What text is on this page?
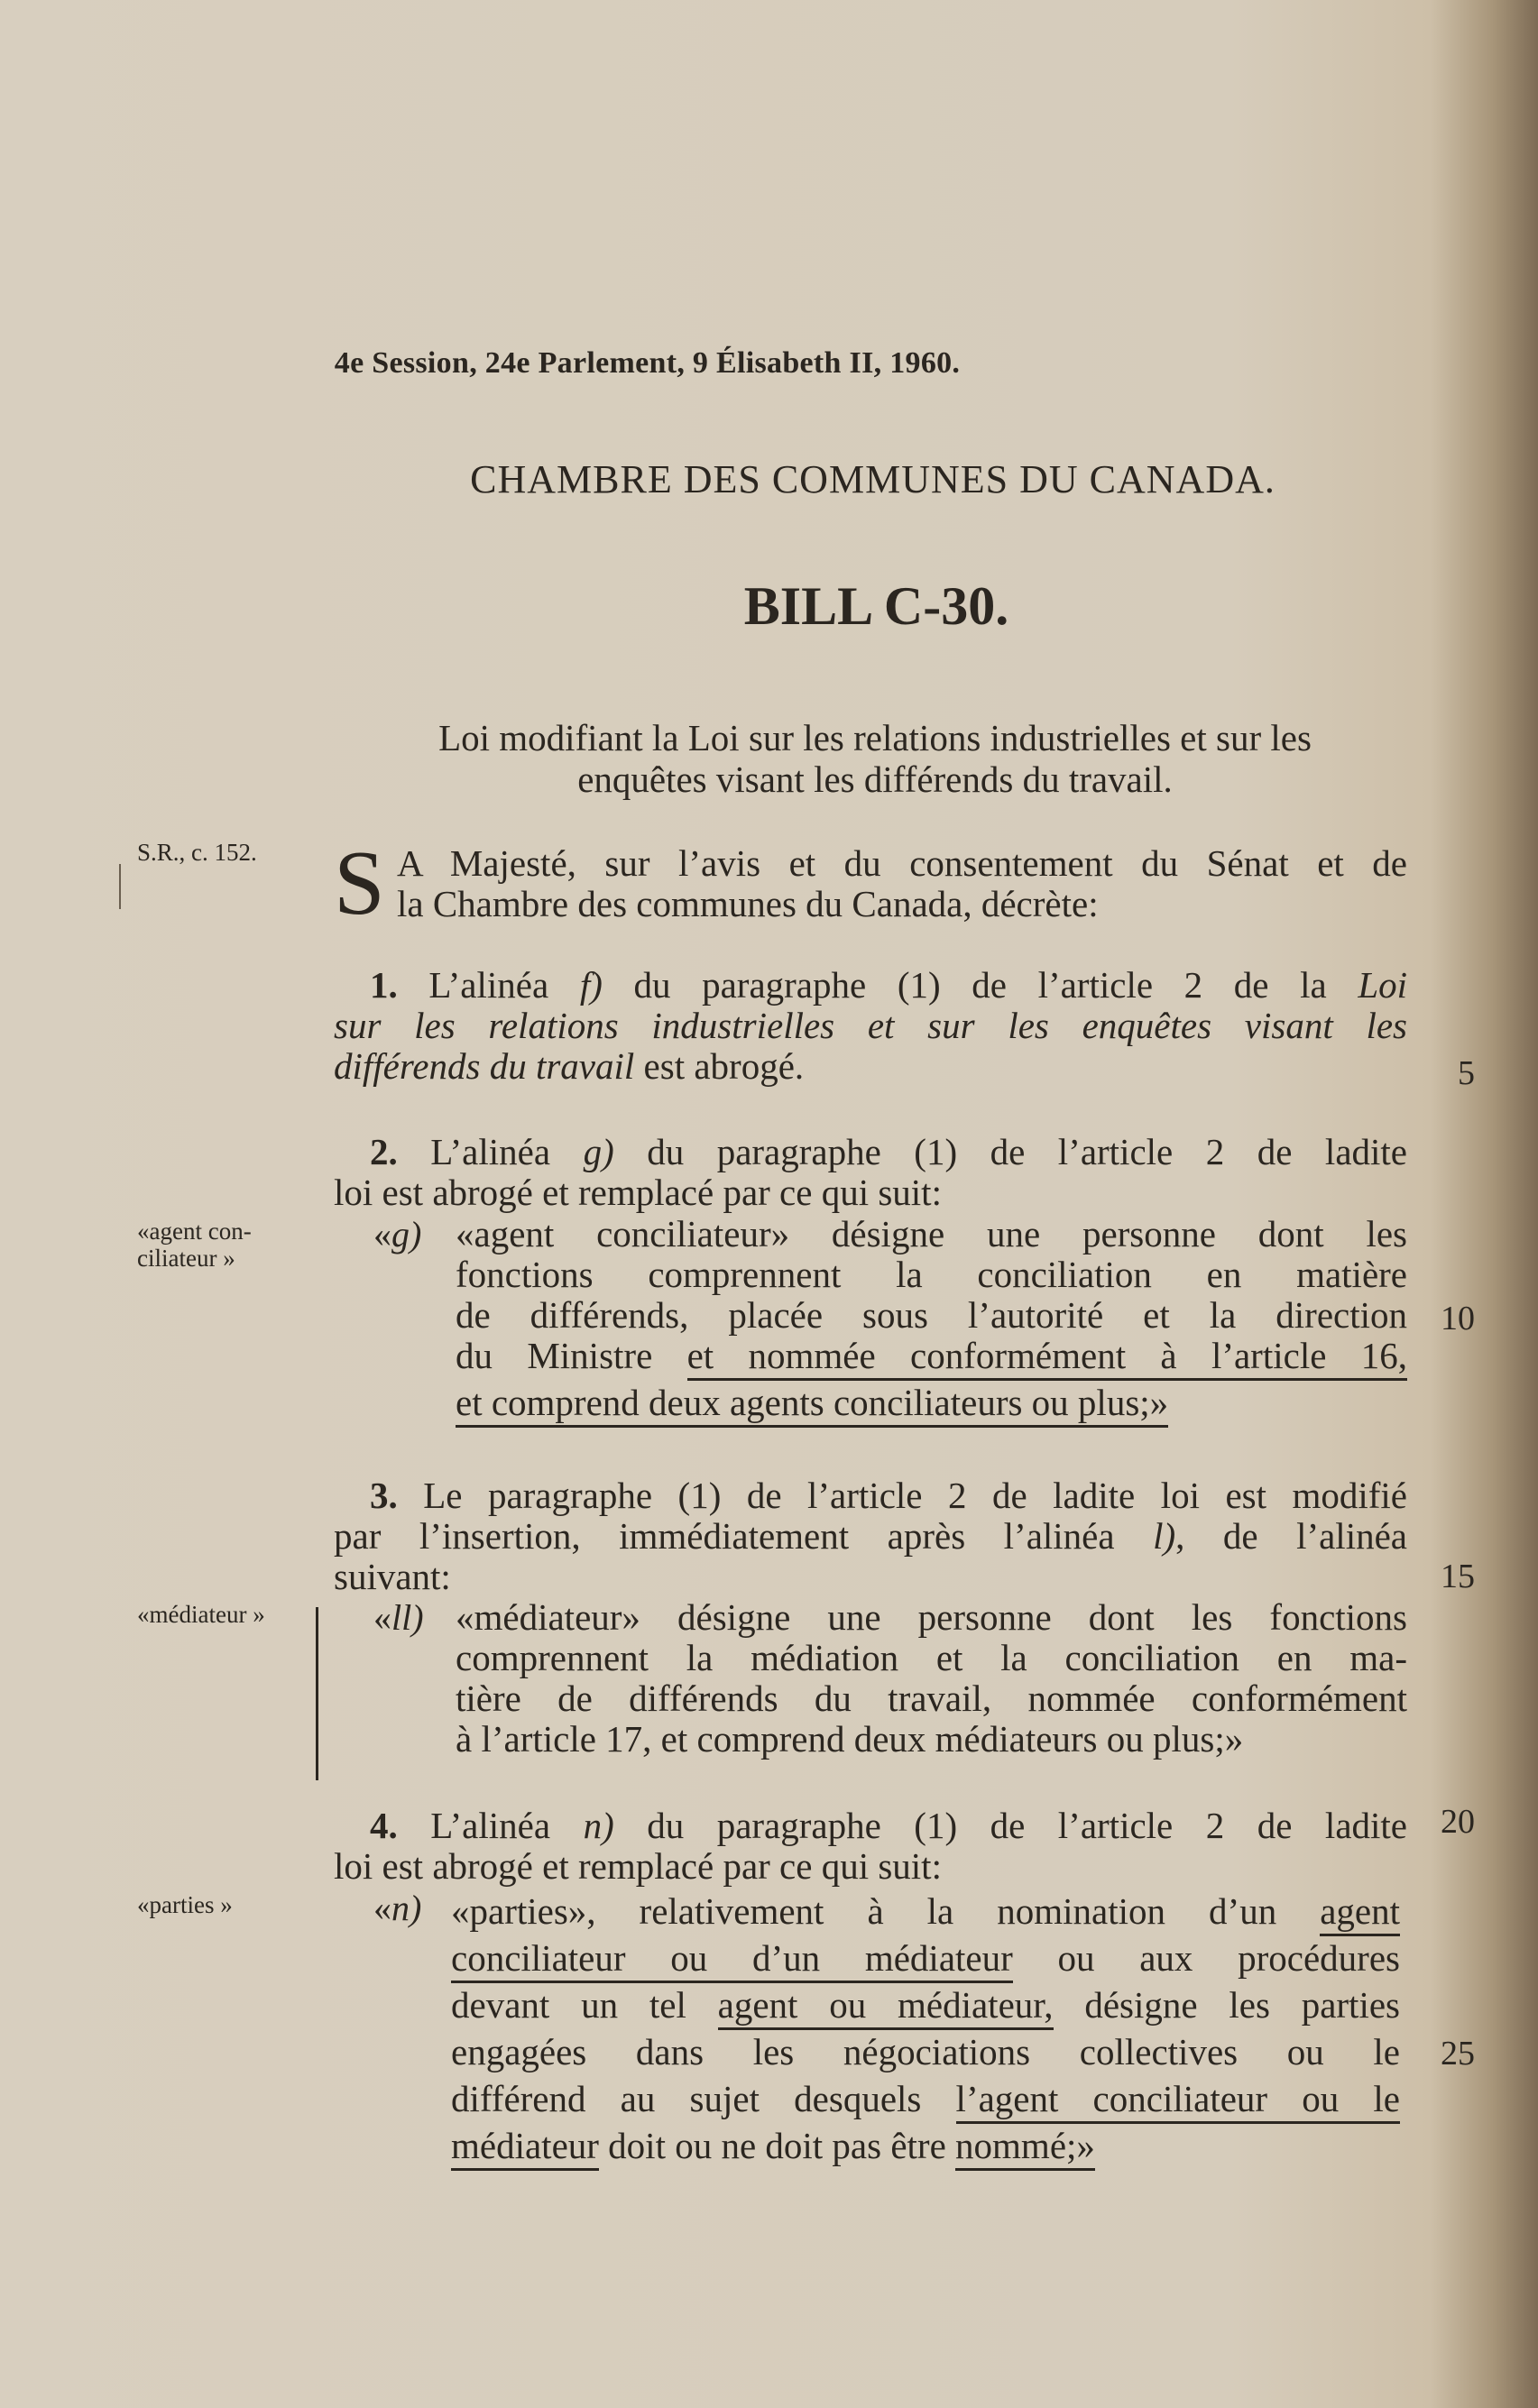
4e Session, 24e Parlement, 9 Élisabeth II, 1960.
CHAMBRE DES COMMUNES DU CANADA.
BILL C-30.
Loi modifiant la Loi sur les relations industrielles et sur les
enquêtes visant les différends du travail.
S.R., c. 152.
«agent con-
ciliateur »
«médiateur »
«parties »
S A Majesté, sur l’avis et du consentement du Sénat et de
la Chambre des communes du Canada, décrète:
1. L’alinéa f) du paragraphe (1) de l’article 2 de la Loi
sur les relations industrielles et sur les enquêtes visant les
différends du travail est abrogé.	5
2. L’alinéa g) du paragraphe (1) de l’article 2 de ladite
loi est abrogé et remplacé par ce qui suit:
«g) «agent conciliateur» désigne une personne dont les
fonctions comprennent la conciliation en matière
de différends, placée sous l’autorité et la direction
du Ministre et nommée conformément à l’article 16,
et comprend deux agents conciliateurs ou plus;»
10
3. Le paragraphe (1) de l’article 2 de ladite loi est modifié
par l’insertion, immédiatement après l’alinéa l), de l’alinéa
suivant:	15
«ll) «médiateur» désigne une personne dont les fonctions
comprennent la médiation et la conciliation en ma-
tière de différends du travail, nommée conformément
à l’article 17, et comprend deux médiateurs ou plus;»
4. L’alinéa n) du paragraphe (1) de l’article 2 de ladite
loi est abrogé et remplacé par ce qui suit:
20
«n) «parties», relativement à la nomination d’un agent
conciliateur ou d’un médiateur ou aux procédures
devant un tel agent ou médiateur, désigne les parties
engagées dans les négociations collectives ou le
différend au sujet desquels l’agent conciliateur ou le
médiateur doit ou ne doit pas être nommé;»
25
